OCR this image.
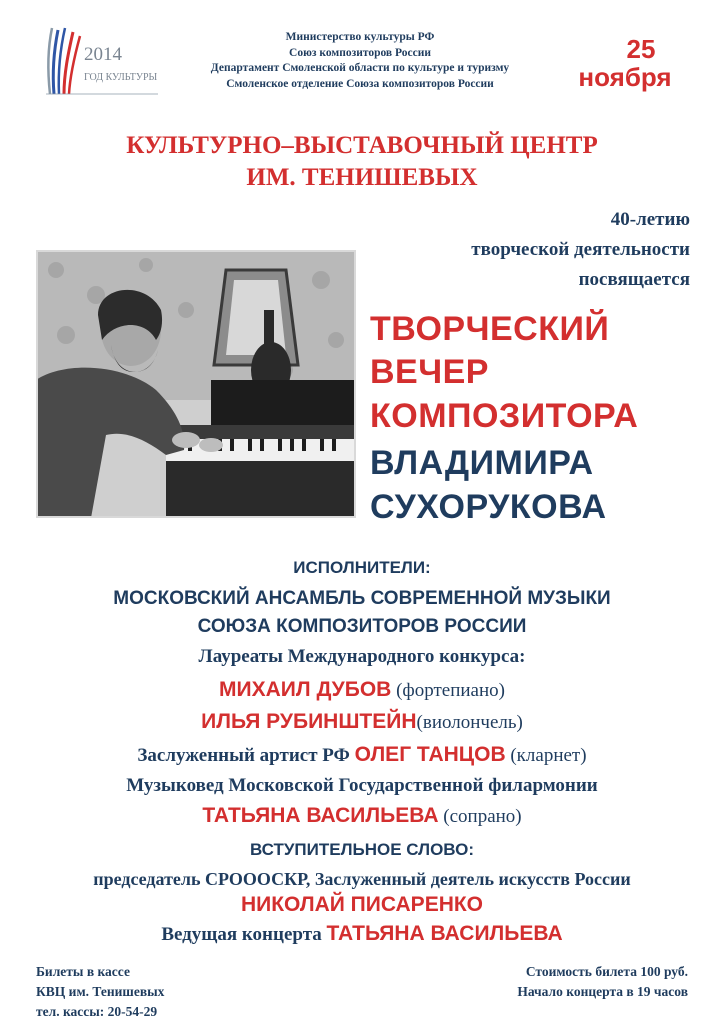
2014
ГОД КУЛЬТУРЫ
Министерство культуры РФ
Союз композиторов России
Департамент Смоленской области по культуре и туризму
Смоленское отделение Союза композиторов России
25
ноября
КУЛЬТУРНО–ВЫСТАВОЧНЫЙ ЦЕНТР
ИМ. ТЕНИШЕВЫХ
40-летию
творческой деятельности
посвящается
ТВОРЧЕСКИЙ
ВЕЧЕР
КОМПОЗИТОРА
ВЛАДИМИРА
СУХОРУКОВА
ИСПОЛНИТЕЛИ:
МОСКОВСКИЙ АНСАМБЛЬ СОВРЕМЕННОЙ МУЗЫКИ
СОЮЗА КОМПОЗИТОРОВ РОССИИ
Лауреаты Международного конкурса:
МИХАИЛ ДУБОВ (фортепиано)
ИЛЬЯ РУБИНШТЕЙН(виолончель)
Заслуженный артист РФ ОЛЕГ ТАНЦОВ (кларнет)
Музыковед Московской Государственной филармонии
ТАТЬЯНА ВАСИЛЬЕВА (сопрано)
ВСТУПИТЕЛЬНОЕ СЛОВО:
председатель СРОООСКР, Заслуженный деятель искусств России
НИКОЛАЙ ПИСАРЕНКО
Ведущая концерта ТАТЬЯНА ВАСИЛЬЕВА
Билеты в кассе
КВЦ им. Тенишевых
тел. кассы: 20-54-29
Стоимость билета 100 руб.
Начало концерта в 19 часов
